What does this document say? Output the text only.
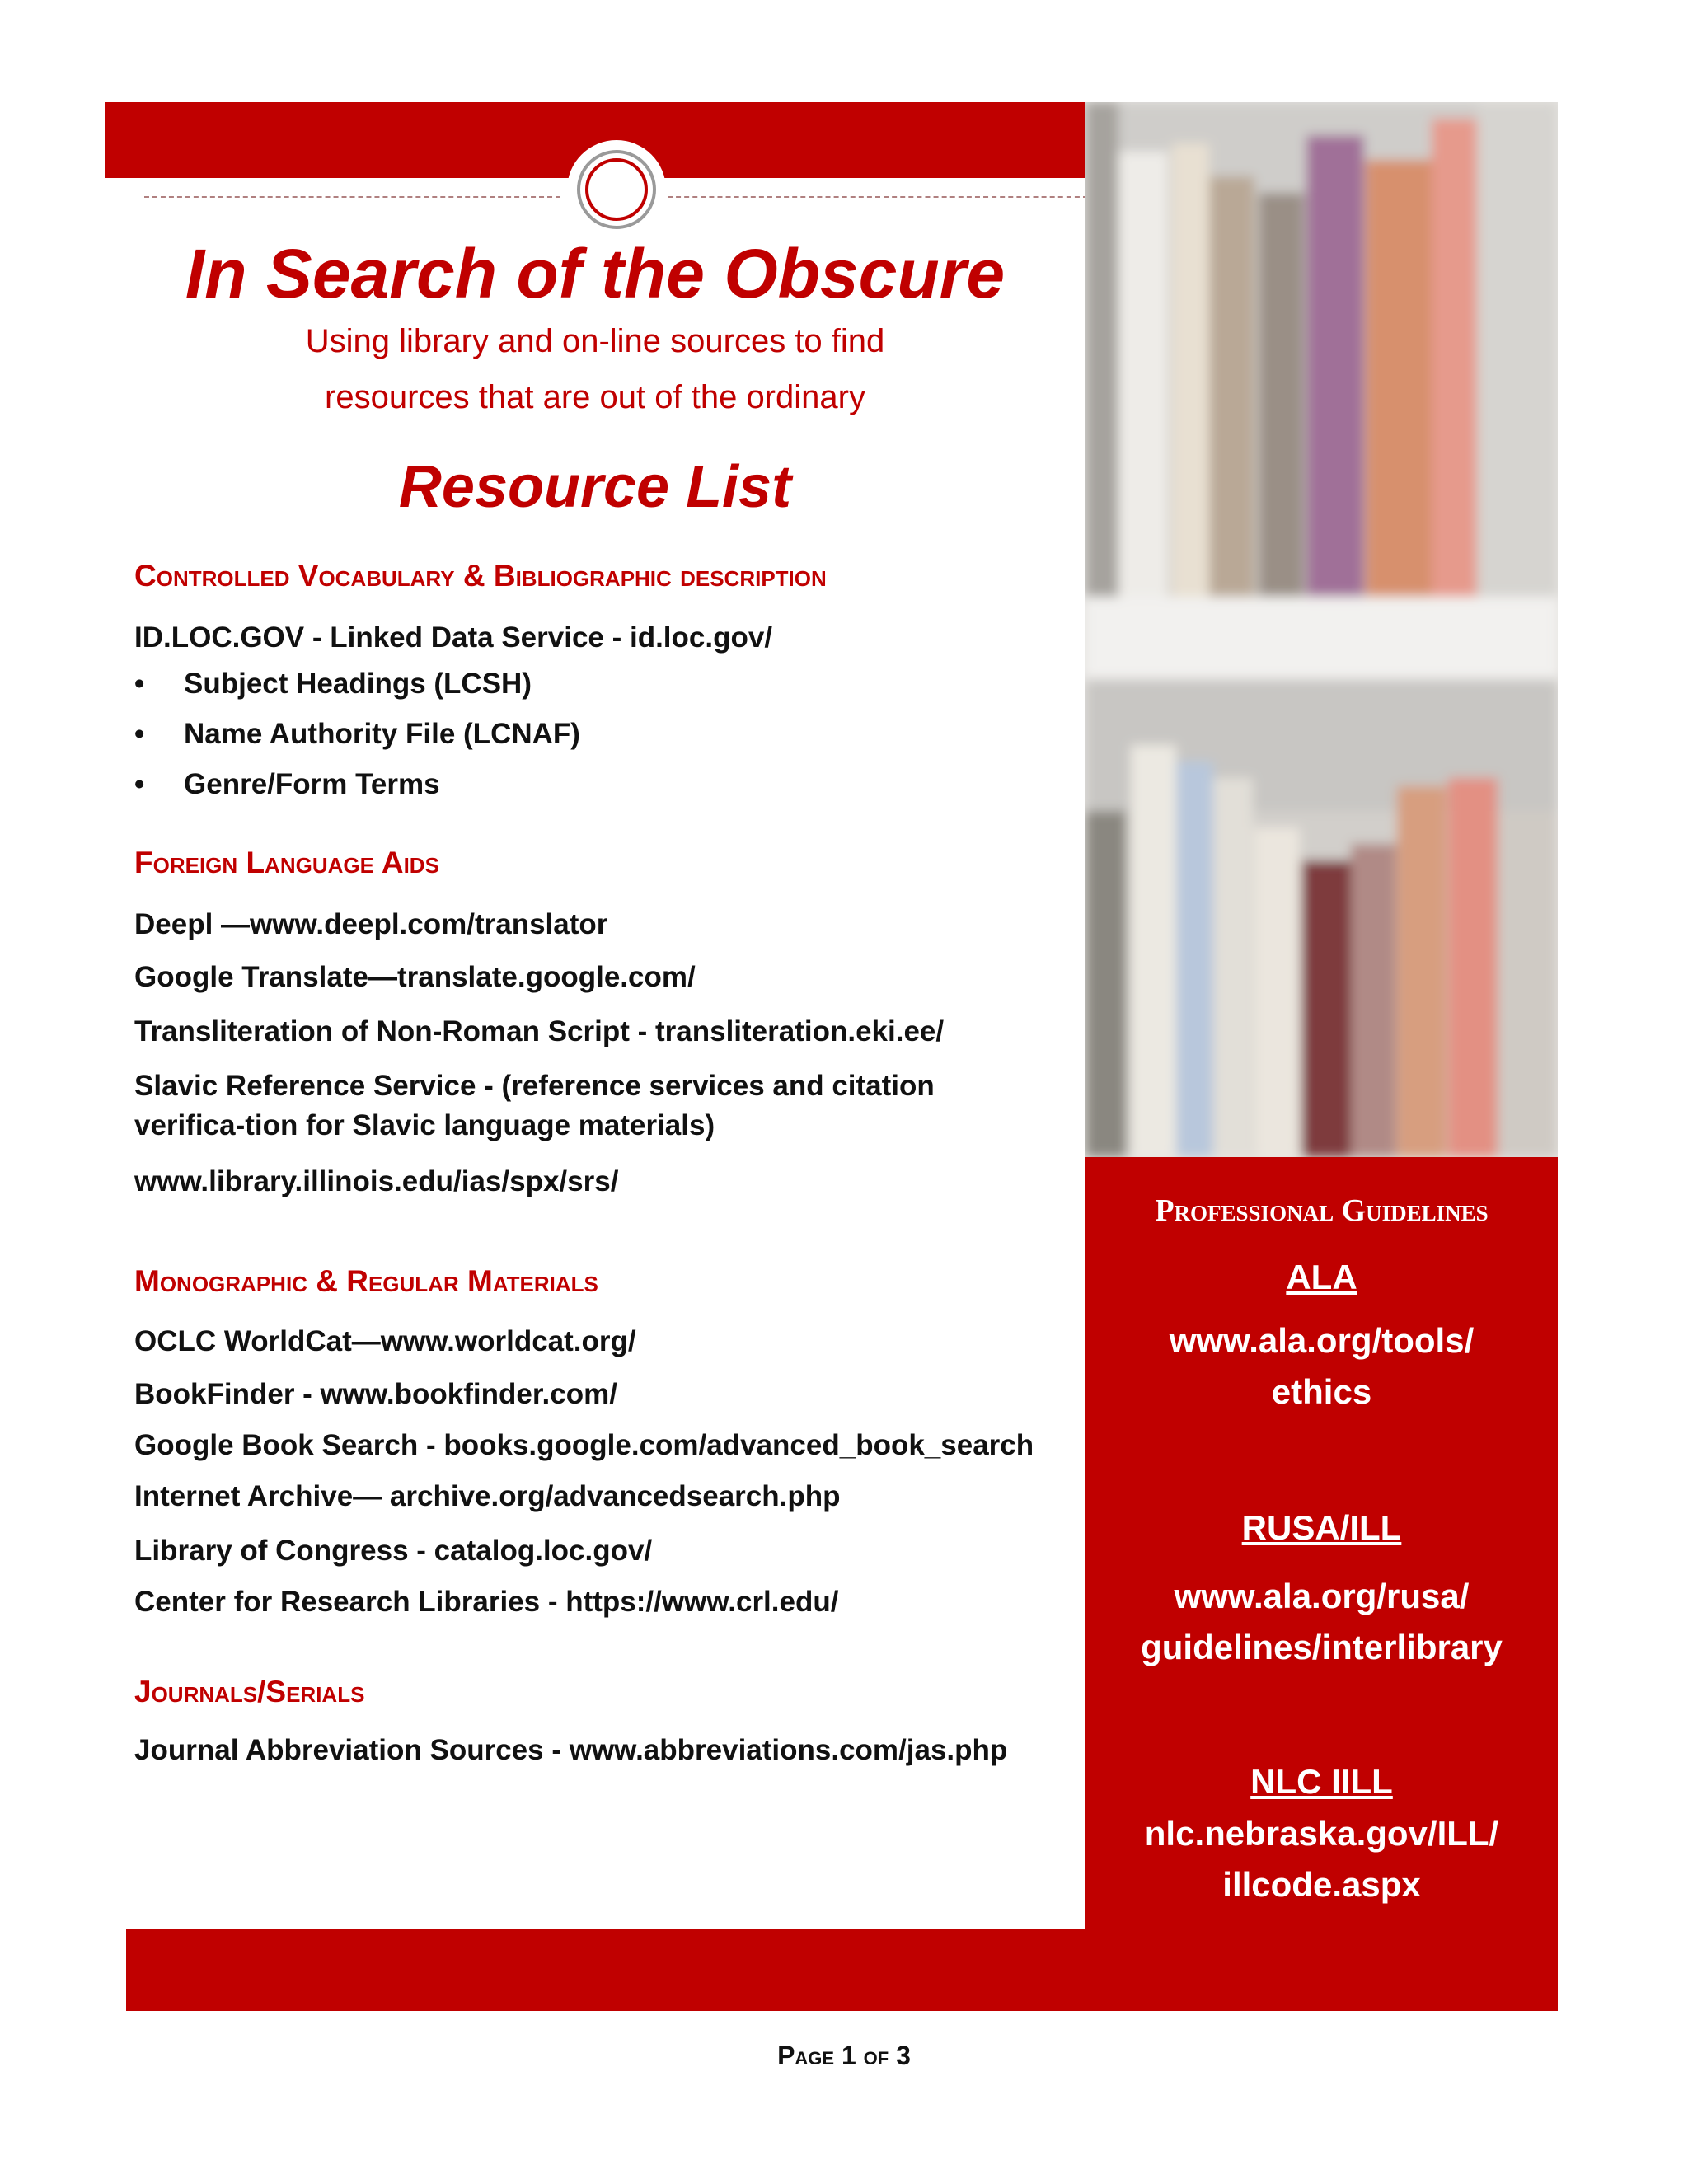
In Search of the Obscure

Using library and on-line sources to find resources that are out of the ordinary

Resource List
Controlled Vocabulary & Bibliographic description

ID.LOC.GOV - Linked Data Service - id.loc.gov/

• Subject Headings (LCSH)
• Name Authority File (LCNAF)
• Genre/Form Terms
Foreign Language Aids

Deepl —www.deepl.com/translator

Google Translate—translate.google.com/

Transliteration of Non-Roman Script - transliteration.eki.ee/

Slavic Reference Service - (reference services and citation verifica-tion for Slavic language materials)

www.library.illinois.edu/ias/spx/srs/

Monographic & Regular Materials

OCLC WorldCat—www.worldcat.org/

BookFinder - www.bookfinder.com/

Google Book Search - books.google.com/advanced_book_search

Internet Archive— archive.org/advancedsearch.php

Library of Congress - catalog.loc.gov/

Center for Research Libraries - https://www.crl.edu/

Journals/Serials

Journal Abbreviation Sources - www.abbreviations.com/jas.php

Professional Guidelines

ALA

www.ala.org/tools/ ethics

RUSA/ILL

www.ala.org/rusa/ guidelines/interlibrary

NLC IILL

nlc.nebraska.gov/ILL/ illcode.aspx

Page 1 of 3
